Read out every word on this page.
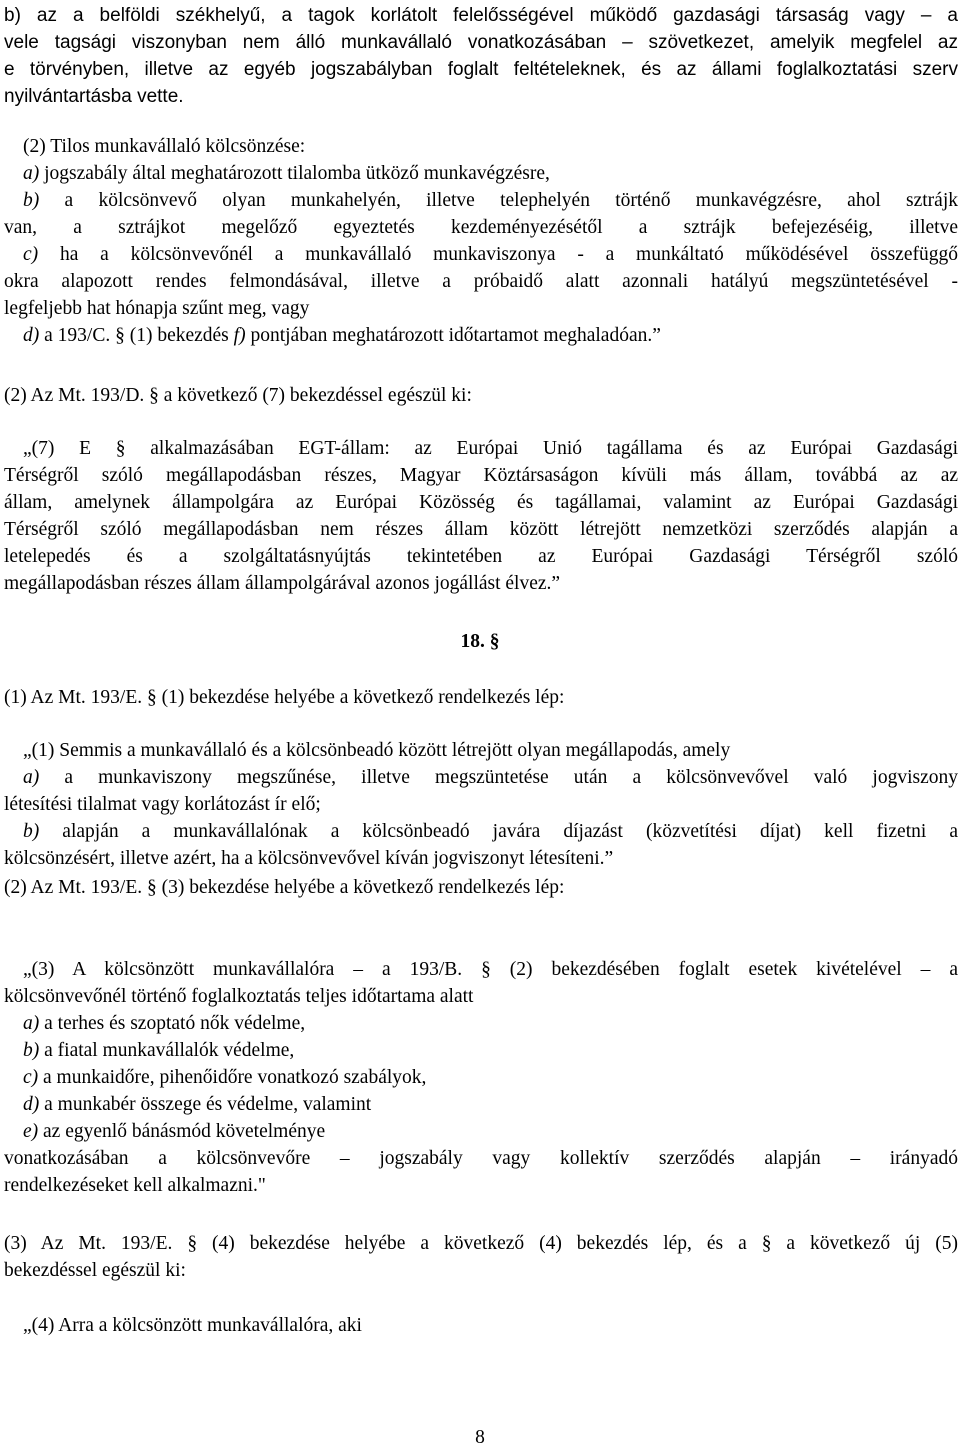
b) az a belföldi székhelyű, a tagok korlátolt felelősségével működő gazdasági társaság vagy – a
vele tagsági viszonyban nem álló munkavállaló vonatkozásában – szövetkezet, amelyik megfelel az
e törvényben, illetve az egyéb jogszabályban foglalt feltételeknek, és az állami foglalkoztatási szerv
nyilvántartásba vette.
(2) Tilos munkavállaló kölcsönzése:
a) jogszabály által meghatározott tilalomba ütköző munkavégzésre,
b) a kölcsönvevő olyan munkahelyén, illetve telephelyén történő munkavégzésre, ahol sztrájk
van, a sztrájkot megelőző egyeztetés kezdeményezésétől a sztrájk befejezéséig, illetve
c) ha a kölcsönvevőnél a munkavállaló munkaviszonya - a munkáltató működésével összefüggő
okra alapozott rendes felmondásával, illetve a próbaidő alatt azonnali hatályú megszüntetésével -
legfeljebb hat hónapja szűnt meg, vagy
d) a 193/C. § (1) bekezdés f) pontjában meghatározott időtartamot meghaladóan.”
(2) Az Mt. 193/D. § a következő (7) bekezdéssel egészül ki:
„(7) E § alkalmazásában EGT-állam: az Európai Unió tagállama és az Európai Gazdasági
Térségről szóló megállapodásban részes, Magyar Köztársaságon kívüli más állam, továbbá az az
állam, amelynek állampolgára az Európai Közösség és tagállamai, valamint az Európai Gazdasági
Térségről szóló megállapodásban nem részes állam között létrejött nemzetközi szerződés alapján a
letelepedés és a szolgáltatásnyújtás tekintetében az Európai Gazdasági Térségről szóló
megállapodásban részes állam állampolgárával azonos jogállást élvez.”
18. §
(1) Az Mt. 193/E. § (1) bekezdése helyébe a következő rendelkezés lép:
„(1) Semmis a munkavállaló és a kölcsönbeadó között létrejött olyan megállapodás, amely
a) a munkaviszony megszűnése, illetve megszüntetése után a kölcsönvevővel való jogviszony
létesítési tilalmat vagy korlátozást ír elő;
b) alapján a munkavállalónak a kölcsönbeadó javára díjazást (közvetítési díjat) kell fizetni a
kölcsönzésért, illetve azért, ha a kölcsönvevővel kíván jogviszonyt létesíteni.”
(2) Az Mt. 193/E. § (3) bekezdése helyébe a következő rendelkezés lép:
„(3) A kölcsönzött munkavállalóra – a 193/B. § (2) bekezdésében foglalt esetek kivételével – a
kölcsönvevőnél történő foglalkoztatás teljes időtartama alatt
a) a terhes és szoptató nők védelme,
b) a fiatal munkavállalók védelme,
c) a munkaidőre, pihenőidőre vonatkozó szabályok,
d) a munkabér összege és védelme, valamint
e) az egyenlő bánásmód követelménye
vonatkozásában a kölcsönvevőre – jogszabály vagy kollektív szerződés alapján – irányadó
rendelkezéseket kell alkalmazni."
(3) Az Mt. 193/E. § (4) bekezdése helyébe a következő (4) bekezdés lép, és a § a következő új (5)
bekezdéssel egészül ki:
„(4) Arra a kölcsönzött munkavállalóra, aki
8
